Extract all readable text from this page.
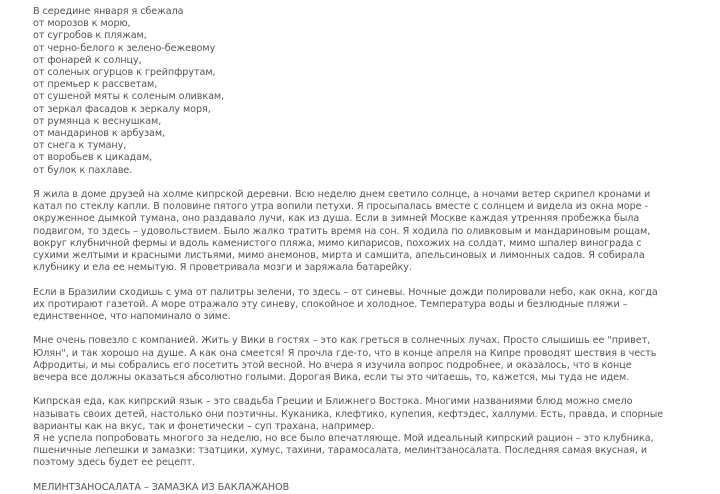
В середине января я сбежала
от морозов к морю,
от сугробов к пляжам,
от черно-белого к зелено-бежевому
от фонарей к солнцу,
от соленых огурцов к грейпфрутам,
от премьер к рассветам,
от сушеной мяты к соленым оливкам,
от зеркал фасадов к зеркалу моря,
от румянца к веснушкам,
от мандаринов к арбузам,
от снега к туману,
от воробьев к цикадам,
от булок к пахлаве.
Я жила в доме друзей на холме кипрской деревни. Всю неделю днем светило солнце, а ночами ветер скрипел кронами и
катал по стеклу капли. В половине пятого утра вопили петухи. Я просыпалась вместе с солнцем и видела из окна море -
окруженное дымкой тумана, оно раздавало лучи, как из душа. Если в зимней Москве каждая утренняя пробежка была
подвигом, то здесь – удовольствием. Было жалко тратить время на сон. Я ходила по оливковым и мандариновым рощам,
вокруг клубничной фермы и вдоль каменистого пляжа, мимо кипарисов, похожих на солдат, мимо шпалер винограда с
сухими желтыми и красными листьями, мимо анемонов, мирта и самшита, апельсиновых и лимонных садов. Я собирала
клубнику и ела ее немытую. Я проветривала мозги и заряжала батарейку.
Если в Бразилии сходишь с ума от палитры зелени, то здесь – от синевы. Ночные дожди полировали небо, как окна, когда
их протирают газетой. А море отражало эту синеву, спокойное и холодное. Температура воды и безлюдные пляжи –
единственное, что напоминало о зиме.
Мне очень повезло с компанией. Жить у Вики в гостях – это как греться в солнечных лучах. Просто слышишь ее "привет,
Юлян", и так хорошо на душе. А как она смеется! Я прочла где-то, что в конце апреля на Кипре проводят шествия в честь
Афродиты, и мы собрались его посетить этой весной. Но вчера я изучила вопрос подробнее, и оказалось, что в конце
вечера все должны оказаться абсолютно голыми. Дорогая Вика, если ты это читаешь, то, кажется, мы туда не идем.
Кипрская еда, как кипрский язык – это свадьба Греции и Ближнего Востока. Многими названиями блюд можно смело
называть своих детей, настолько они поэтичны. Куканика, клефтико, купепия, кефтэдес, халлуми. Есть, правда, и спорные
варианты как на вкус, так и фонетически – суп трахана, например.
Я не успела попробовать многого за неделю, но все было впечатляюще. Мой идеальный кипрский рацион – это клубника,
пшеничные лепешки и замазки: тзатцики, хумус, тахини, тарамосалата, мелинтзаносалата. Последняя самая вкусная, и
поэтому здесь будет ее рецепт.
МЕЛИНТЗАНОСАЛАТА – ЗАМАЗКА ИЗ БАКЛАЖАНОВ
